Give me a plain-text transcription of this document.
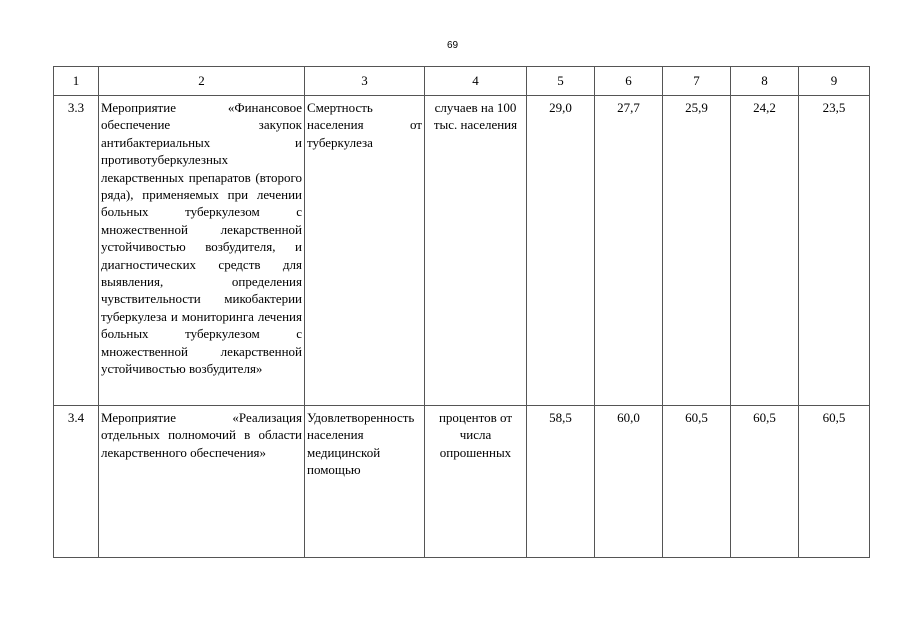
69
1	2	3	4	5	6	7	8	9
3.3	Мероприятие «Финансовое обеспечение закупок антибактериальных и противотуберкулезных лекарственных препаратов (второго ряда), применяемых при лечении больных туберкулезом с множественной лекарственной устойчивостью возбудителя, и диагностических средств для выявления, определения чувствительности микобактерии туберкулеза и мониторинга лечения больных туберкулезом с множественной лекарственной устойчивостью возбудителя»	Смертность населения от туберкулеза	случаев на 100 тыс. населения	29,0	27,7	25,9	24,2	23,5
3.4	Мероприятие «Реализация отдельных полномочий в области лекарственного обеспечения»	Удовлетворенность населения медицинской помощью	процентов от числа опрошенных	58,5	60,0	60,5	60,5	60,5
